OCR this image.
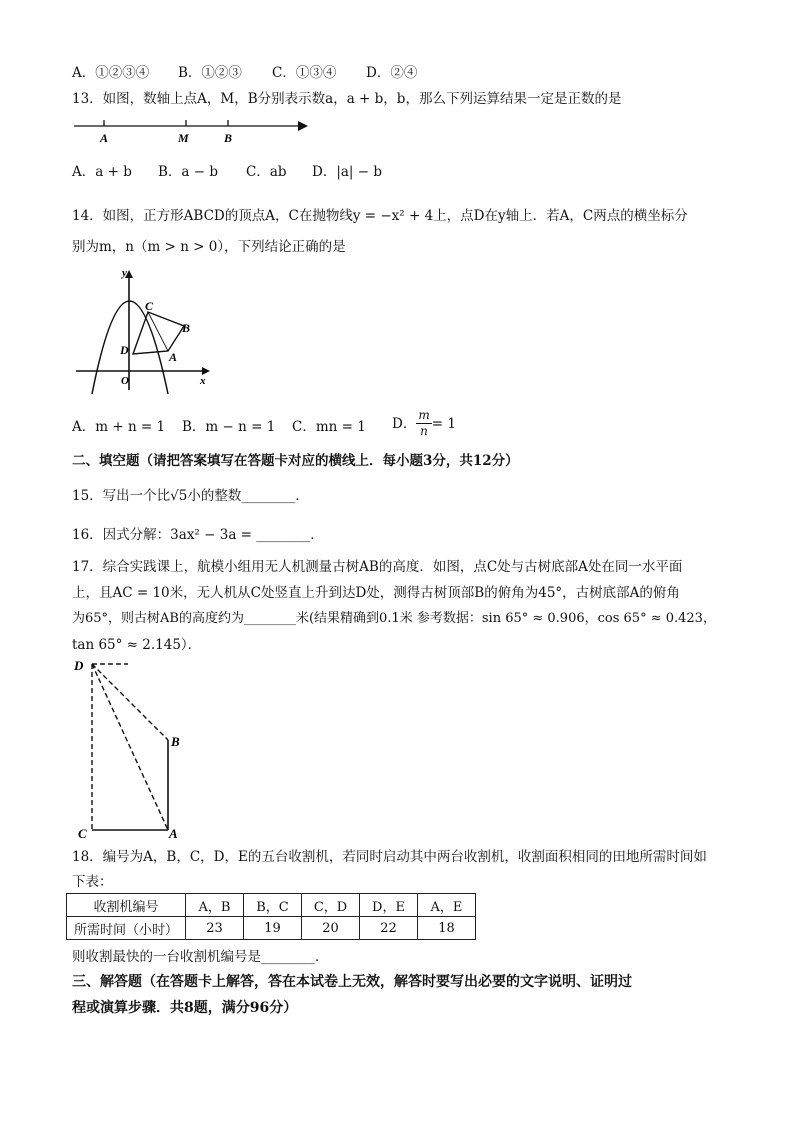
A．①②③④ B．①②③ C．①③④ D．②④
13．如图，数轴上点A，M，B分别表示数a，a + b，b，那么下列运算结果一定是正数的是
A	M	B
A．a + b B．a − b C．ab D．|a| − b
14．如图，正方形ABCD的顶点A，C在抛物线y = −x² + 4上，点D在y轴上．若A，C两点的横坐标分
别为m，n（m > n > 0），下列结论正确的是
y
x
O
C
B
D	A
A．m + n = 1 B．m − n = 1 C．mn = 1 D． $\frac{m}{n} = 1$
二、填空题（请把答案填写在答题卡对应的横线上．每小题3分，共12分）
15．写出一个比√5小的整数________．
16．因式分解：3ax² − 3a = ________．
17．综合实践课上，航模小组用无人机测量古树AB的高度．如图，点C处与古树底部A处在同一水平面
上，且AC = 10米，无人机从C处竖直上升到达D处，测得古树顶部B的俯角为45°，古树底部A的俯角
为65°，则古树AB的高度约为________米(结果精确到0.1米 参考数据：sin 65° ≈ 0.906，cos 65° ≈ 0.423，
tan 65° ≈ 2.145）．
D
B
C	A
18．编号为A，B，C，D，E的五台收割机，若同时启动其中两台收割机，收割面积相同的田地所需时间如
下表：
收割机编号	A，B	B，C	C，D	D，E	A，E
所需时间（小时）	23	19	20	22	18
则收割最快的一台收割机编号是________．
三、解答题（在答题卡上解答，答在本试卷上无效，解答时要写出必要的文字说明、证明过
程或演算步骤．共8题，满分96分）
